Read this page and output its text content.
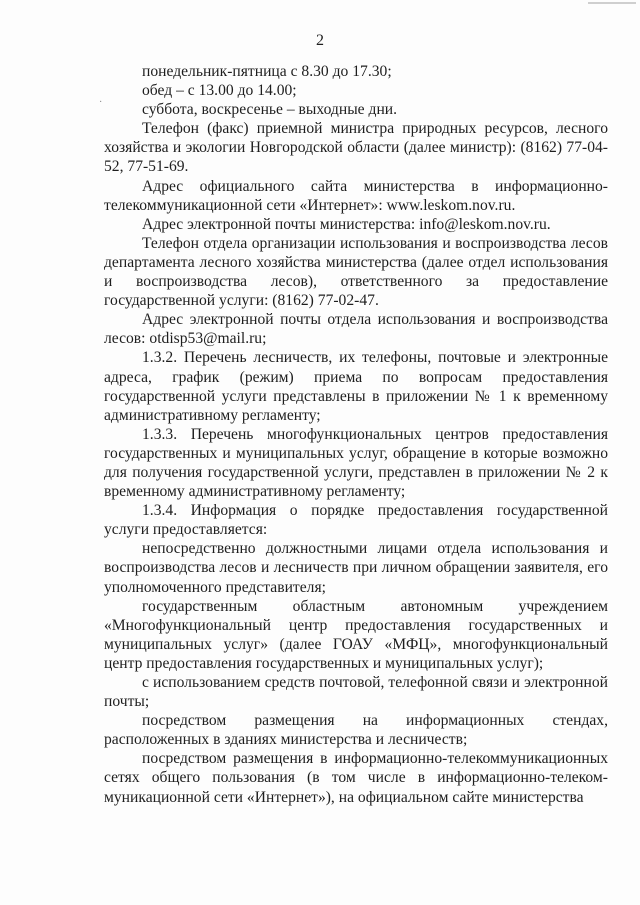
2
·

понедельник-пятница с 8.30 до 17.30;

обед – с 13.00 до 14.00;

суббота, воскресенье – выходные дни.

Телефон (факс) приемной министра природных ресурсов, лесного хозяйства и экологии Новгородской области (далее министр): (8162) 77-04-52, 77-51-69.

Адрес официального сайта министерства в информационно-телекоммуникационной сети «Интернет»: www.leskom.nov.ru.

Адрес электронной почты министерства: info@leskom.nov.ru.

Телефон отдела организации использования и воспроизводства лесов департамента лесного хозяйства министерства (далее отдел использования и воспроизводства лесов), ответственного за предоставление государственной услуги: (8162) 77-02-47.

Адрес электронной почты отдела использования и воспроизводства лесов: otdisp53@mail.ru;

1.3.2. Перечень лесничеств, их телефоны, почтовые и электронные адреса, график (режим) приема по вопросам предоставления государственной услуги представлены в приложении № 1 к временному административному регламенту;

1.3.3. Перечень многофункциональных центров предоставления государственных и муниципальных услуг, обращение в которые возможно для получения государственной услуги, представлен в приложении № 2 к временному административному регламенту;

1.3.4. Информация о порядке предоставления государственной услуги предоставляется:

непосредственно должностными лицами отдела использования и воспроизводства лесов и лесничеств при личном обращении заявителя, его уполномоченного представителя;

государственным областным автономным учреждением «Многофункциональный центр предоставления государственных и муниципальных услуг» (далее ГОАУ «МФЦ», многофункциональный центр предоставления государственных и муниципальных услуг);

с использованием средств почтовой, телефонной связи и электронной почты;

посредством размещения на информационных стендах, расположенных в зданиях министерства и лесничеств;

посредством размещения в информационно-телекоммуникационных сетях общего пользования (в том числе в информационно-телеком-муникационной сети «Интернет»), на официальном сайте министерства
